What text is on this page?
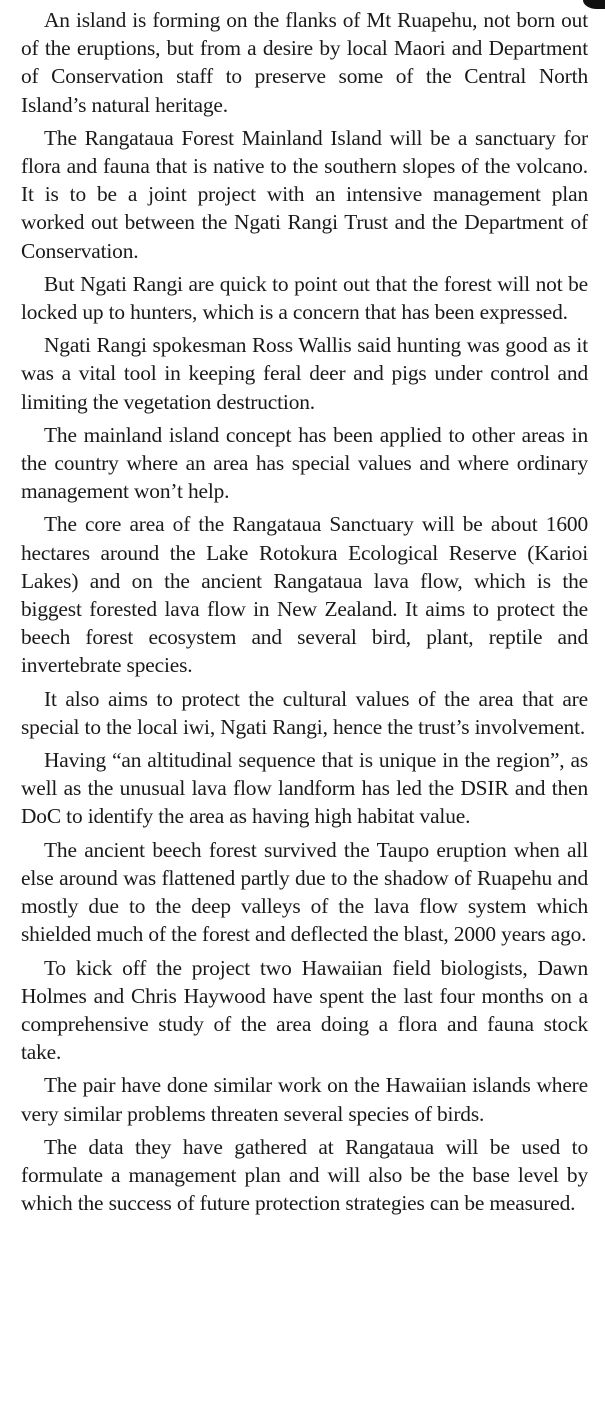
An island is forming on the flanks of Mt Ruapehu, not born out of the eruptions, but from a desire by local Maori and Department of Conservation staff to preserve some of the Central North Island’s natural heritage.

The Rangataua Forest Mainland Island will be a sanctuary for flora and fauna that is native to the southern slopes of the volcano. It is to be a joint project with an intensive management plan worked out between the Ngati Rangi Trust and the Department of Conservation.

But Ngati Rangi are quick to point out that the forest will not be locked up to hunters, which is a concern that has been expressed.

Ngati Rangi spokesman Ross Wallis said hunting was good as it was a vital tool in keeping feral deer and pigs under control and limiting the vegetation destruction.

The mainland island concept has been applied to other areas in the country where an area has special values and where ordinary management won’t help.

The core area of the Rangataua Sanctuary will be about 1600 hectares around the Lake Rotokura Ecological Reserve (Karioi Lakes) and on the ancient Rangataua lava flow, which is the biggest forested lava flow in New Zealand. It aims to protect the beech forest ecosystem and several bird, plant, reptile and invertebrate species.

It also aims to protect the cultural values of the area that are special to the local iwi, Ngati Rangi, hence the trust’s involvement.

Having “an altitudinal sequence that is unique in the region”, as well as the unusual lava flow landform has led the DSIR and then DoC to identify the area as having high habitat value.

The ancient beech forest survived the Taupo eruption when all else around was flattened partly due to the shadow of Ruapehu and mostly due to the deep valleys of the lava flow system which shielded much of the forest and deflected the blast, 2000 years ago.

To kick off the project two Hawaiian field biologists, Dawn Holmes and Chris Haywood have spent the last four months on a comprehensive study of the area doing a flora and fauna stock take.

The pair have done similar work on the Hawaiian islands where very similar problems threaten several species of birds.

The data they have gathered at Rangataua will be used to formulate a management plan and will also be the base level by which the success of future protection strategies can be measured.
